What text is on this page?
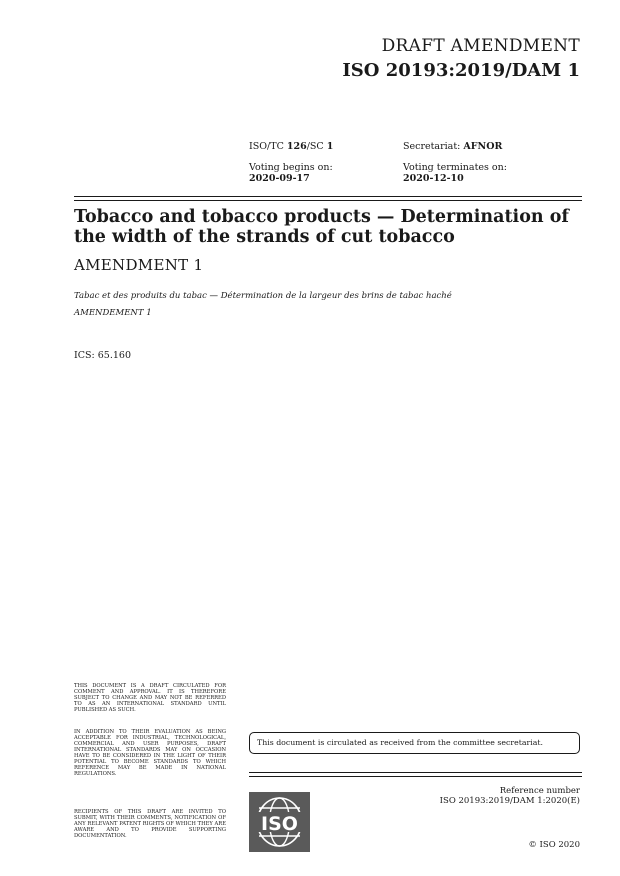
DRAFT AMENDMENT
ISO 20193:2019/DAM 1
ISO/TC 126/SC 1	Secretariat: AFNOR
Voting begins on:
2020-09-17
Voting terminates on:
2020-12-10
Tobacco and tobacco products — Determination of the width of the strands of cut tobacco
AMENDMENT 1
Tabac et des produits du tabac — Détermination de la largeur des brins de tabac haché
AMENDEMENT 1
ICS: 65.160
THIS DOCUMENT IS A DRAFT CIRCULATED FOR COMMENT AND APPROVAL. IT IS THEREFORE SUBJECT TO CHANGE AND MAY NOT BE REFERRED TO AS AN INTERNATIONAL STANDARD UNTIL PUBLISHED AS SUCH.
IN ADDITION TO THEIR EVALUATION AS BEING ACCEPTABLE FOR INDUSTRIAL, TECHNOLOGICAL, COMMERCIAL AND USER PURPOSES, DRAFT INTERNATIONAL STANDARDS MAY ON OCCASION HAVE TO BE CONSIDERED IN THE LIGHT OF THEIR POTENTIAL TO BECOME STANDARDS TO WHICH REFERENCE MAY BE MADE IN NATIONAL REGULATIONS.
RECIPIENTS OF THIS DRAFT ARE INVITED TO SUBMIT, WITH THEIR COMMENTS, NOTIFICATION OF ANY RELEVANT PATENT RIGHTS OF WHICH THEY ARE AWARE AND TO PROVIDE SUPPORTING DOCUMENTATION.
This document is circulated as received from the committee secretariat.
ISO
Reference number
ISO 20193:2019/DAM 1:2020(E)
© ISO 2020
